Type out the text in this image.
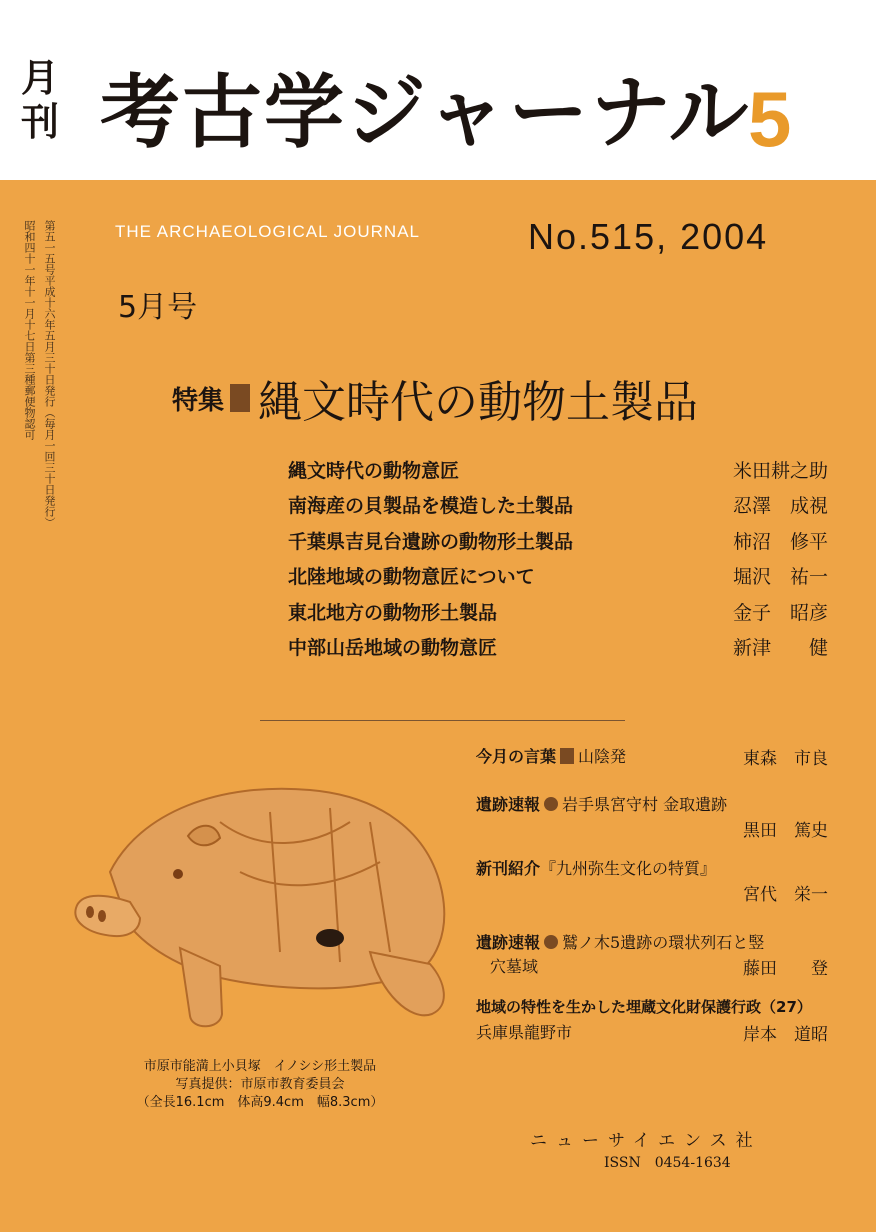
月
刊 考古学ジャーナル
5
第五一五号平成十六年五月三十日発行（毎月一回三十日発行）
昭和四十一年十一月十七日第三種郵便物認可	THE ARCHAEOLOGICAL JOURNAL	No.515, 2004
5月号
特集 縄文時代の動物土製品
縄文時代の動物意匠	米田耕之助
南海産の貝製品を模造した土製品	忍澤　成視
千葉県吉見台遺跡の動物形土製品	柿沼　修平
北陸地域の動物意匠について	堀沢　祐一
東北地方の動物形土製品	金子　昭彦
中部山岳地域の動物意匠	新津　　健
今月の言葉 山陰発	東森　市良
遺跡速報 岩手県宮守村 金取遺跡
黒田　篤史
新刊紹介『九州弥生文化の特質』
宮代　栄一
遺跡速報 鷲ノ木5遺跡の環状列石と竪
穴墓域	藤田　　登
地域の特性を生かした埋蔵文化財保護行政（27）
兵庫県龍野市	岸本　道昭
市原市能満上小貝塚　イノシシ形土製品
写真提供：市原市教育委員会
（全長16.1cm　体高9.4cm　幅8.3cm）
ニューサイエンス社
ISSN　0454-1634
